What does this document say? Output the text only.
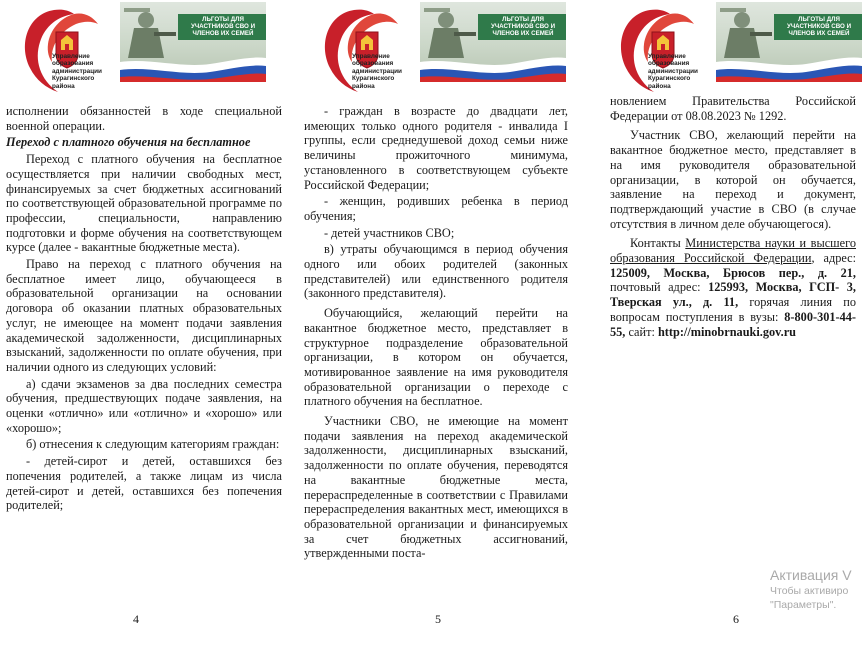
Управление
образования
администрации
Курагинского
района
ЛЬГОТЫ ДЛЯ
УЧАСТНИКОВ СВО И
ЧЛЕНОВ ИХ СЕМЕЙ

исполнении обязанностей в ходе специальной военной операции.

Переход с платного обучения на бесплатное

Переход с платного обучения на бесплатное осуществляется при наличии свободных мест, финансируемых за счет бюджетных ассигнований по соответствующей образовательной программе по профессии, специальности, направлению подготовки и форме обучения на соответствующем курсе (далее - вакантные бюджетные места).

Право на переход с платного обучения на бесплатное имеет лицо, обучающееся в образовательной организации на основании договора об оказании платных образовательных услуг, не имеющее на момент подачи заявления академической задолженности, дисциплинарных взысканий, задолженности по оплате обучения, при наличии одного из следующих условий:

а) сдачи экзаменов за два последних семестра обучения, предшествующих подаче заявления, на оценки «отлично» или «отлично» и «хорошо» или «хорошо»;

б) отнесения к следующим категориям граждан:

- детей-сирот и детей, оставшихся без попечения родителей, а также лицам из числа детей-сирот и детей, оставшихся без попечения родителей;

4
Управление
образования
администрации
Курагинского
района
ЛЬГОТЫ ДЛЯ
УЧАСТНИКОВ СВО И
ЧЛЕНОВ ИХ СЕМЕЙ

- граждан в возрасте до двадцати лет, имеющих только одного родителя - инвалида I группы, если среднедушевой доход семьи ниже величины прожиточного минимума, установленного в соответствующем субъекте Российской Федерации;

- женщин, родивших ребенка в период обучения;

- детей участников СВО;

в) утраты обучающимся в период обучения одного или обоих родителей (законных представителей) или единственного родителя (законного представителя).

Обучающийся, желающий перейти на вакантное бюджетное место, представляет в структурное подразделение образовательной организации, в котором он обучается, мотивированное заявление на имя руководителя образовательной организации о переходе с платного обучения на бесплатное.

Участники СВО, не имеющие на момент подачи заявления на переход академической задолженности, дисциплинарных взысканий, задолженности по оплате обучения, переводятся на вакантные бюджетные места, перераспределенные в соответствии с Правилами перераспределения вакантных мест, имеющихся в образовательной организации и финансируемых за счет бюджетных ассигнований, утвержденными поста-

5
Управление
образования
администрации
Курагинского
района
ЛЬГОТЫ ДЛЯ
УЧАСТНИКОВ СВО И
ЧЛЕНОВ ИХ СЕМЕЙ

новлением Правительства Российской Федерации от 08.08.2023 № 1292.

Участник СВО, желающий перейти на вакантное бюджетное место, представляет в на имя руководителя образовательной организации, в которой он обучается, заявление на переход и документ, подтверждающий участие в СВО (в случае отсутствия в личном деле обучающегося).

Контакты Министерства науки и высшего образования Российской Федерации, адрес: 125009, Москва, Брюсов пер., д. 21, почтовый адрес: 125993, Москва, ГСП- 3, Тверская ул., д. 11, горячая линия по вопросам поступления в вузы: 8-800-301-44-55, сайт: http://minobrnauki.gov.ru

6
Активация V
Чтобы активиро
"Параметры".
